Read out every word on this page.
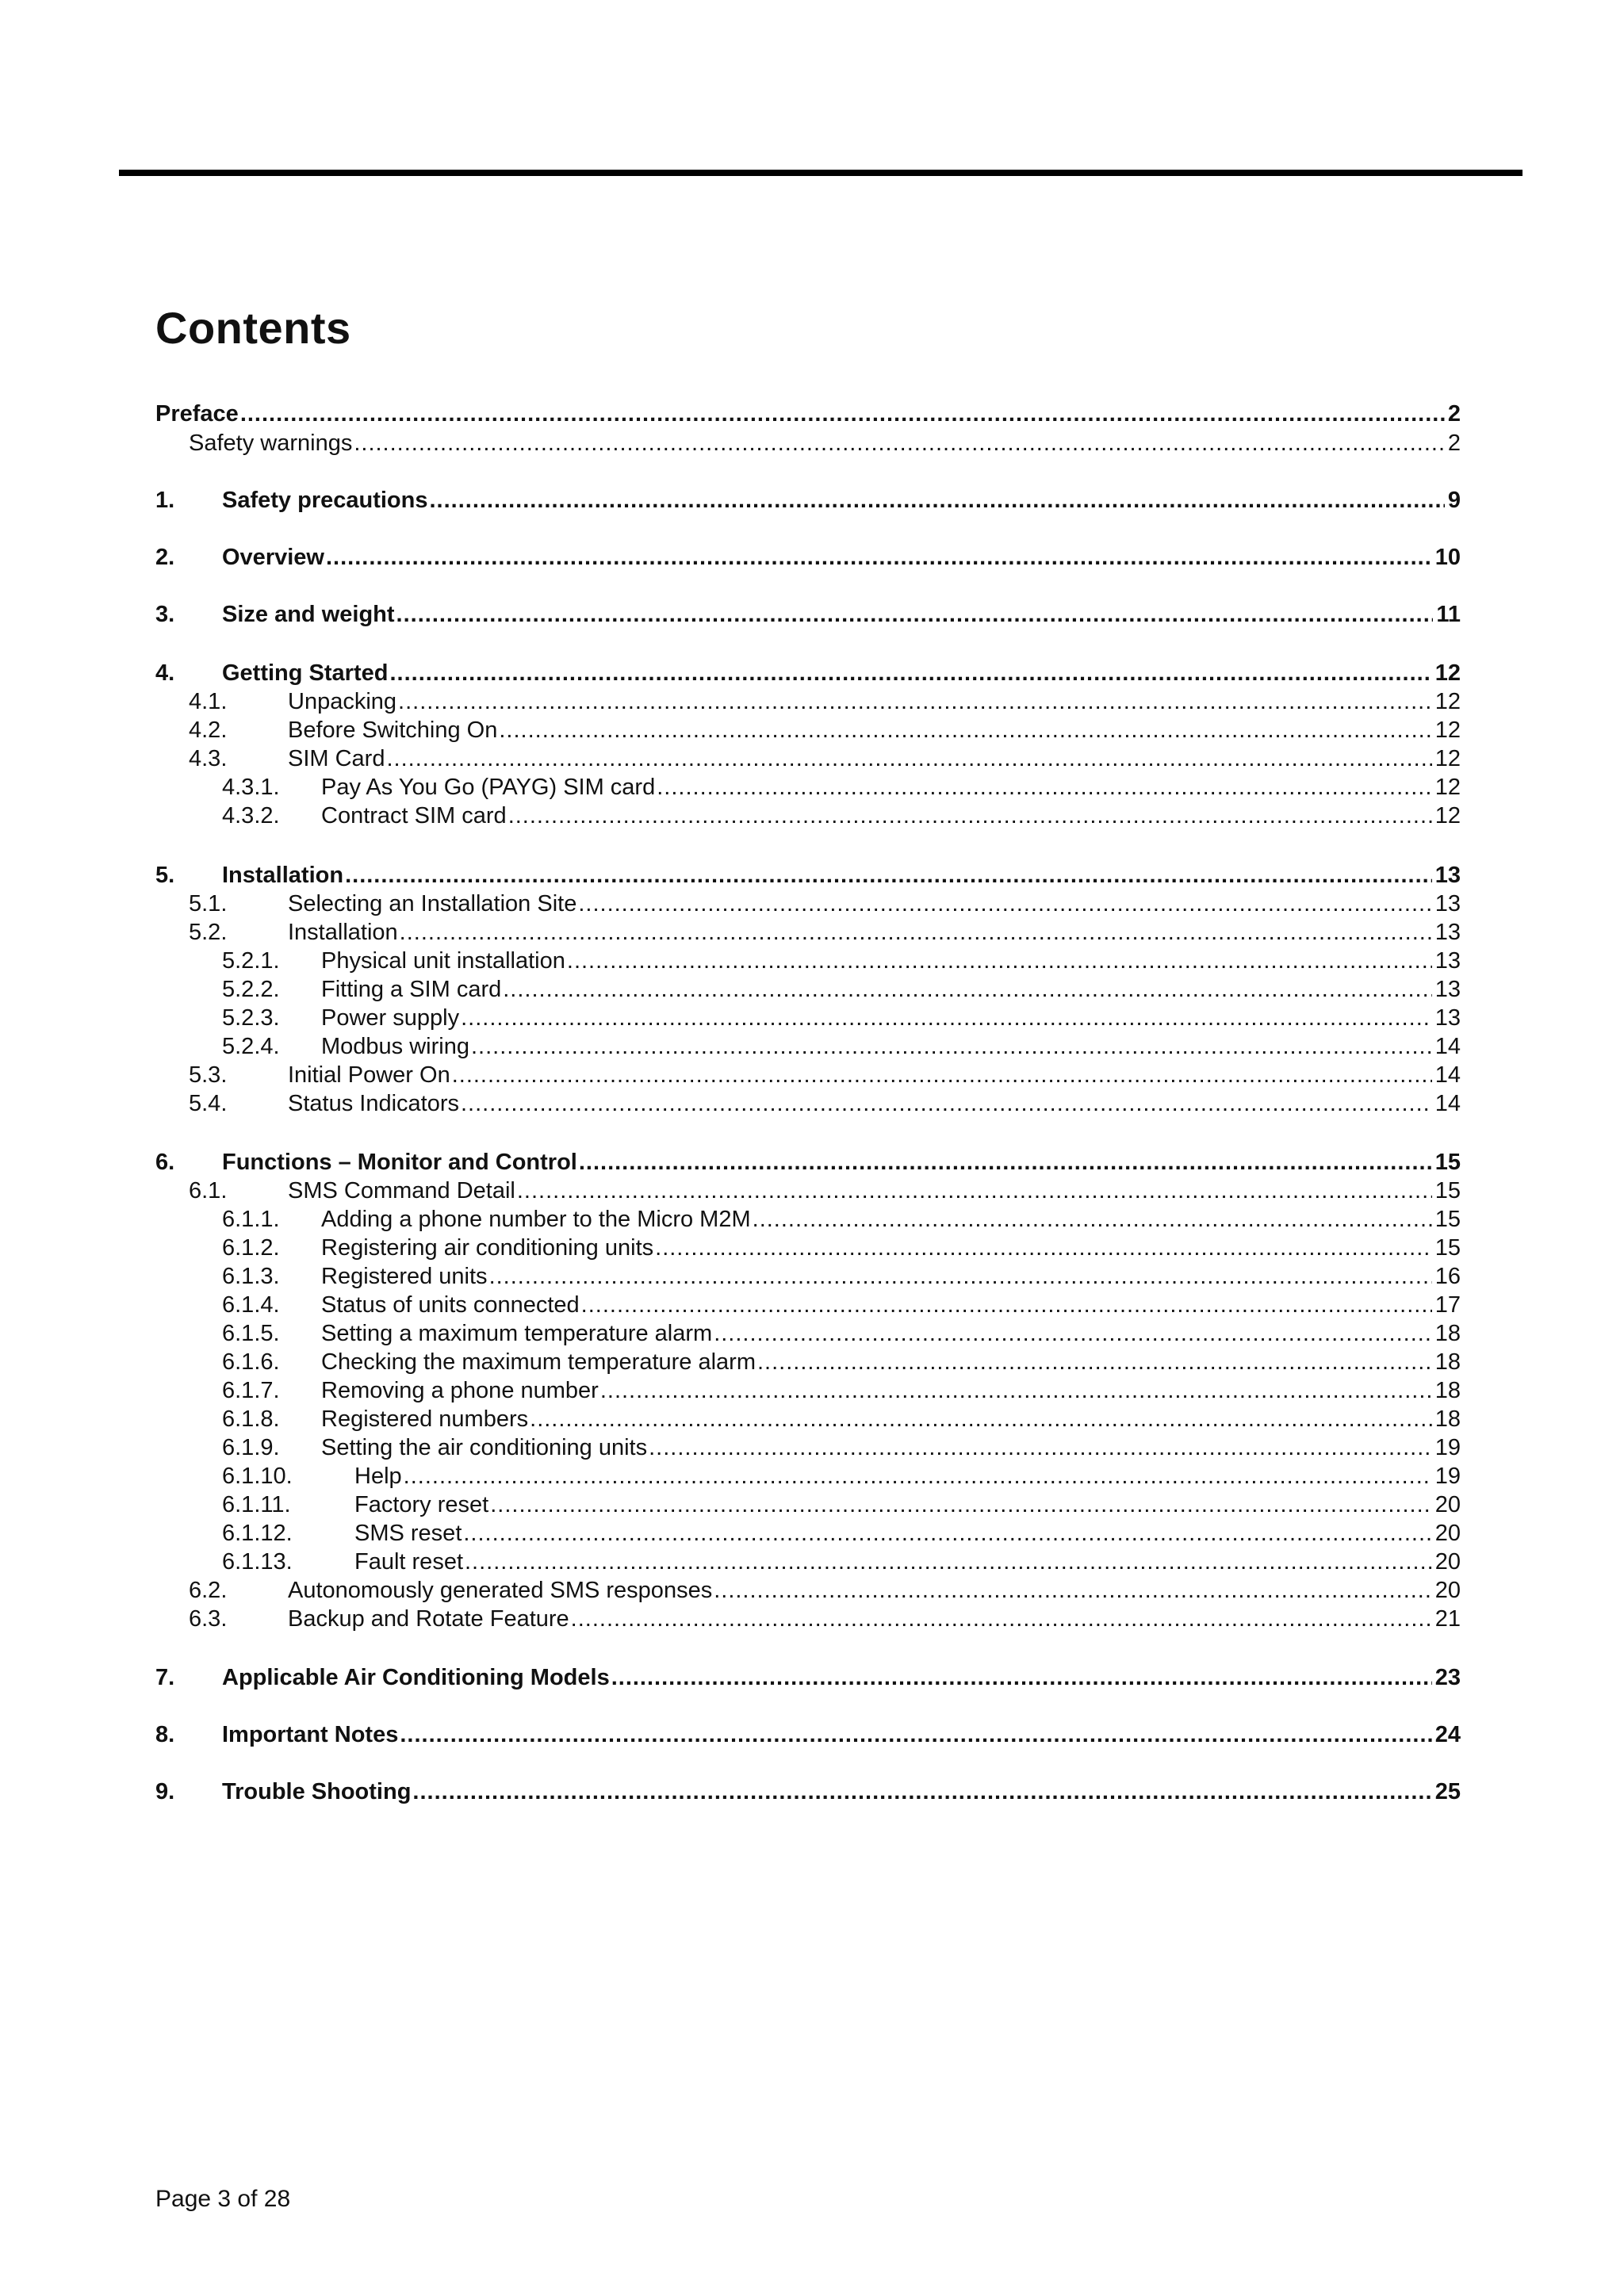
Contents
Preface .....	2
Safety warnings .....	2
1. Safety precautions .....	9
2. Overview .....	10
3. Size and weight .....	11
4. Getting Started .....	12
4.1.	Unpacking .....	12
4.2.	Before Switching On .....	12
4.3.	SIM Card .....	12
4.3.1. Pay As You Go (PAYG) SIM card .....	12
4.3.2. Contract SIM card .....	12
5. Installation .....	13
5.1.	Selecting an Installation Site .....	13
5.2.	Installation .....	13
5.2.1. Physical unit installation .....	13
5.2.2. Fitting a SIM card .....	13
5.2.3. Power supply .....	13
5.2.4. Modbus wiring .....	14
5.3.	Initial Power On .....	14
5.4.	Status Indicators .....	14
6. Functions – Monitor and Control .....	15
6.1.	SMS Command Detail .....	15
6.1.1. Adding a phone number to the Micro M2M .....	15
6.1.2. Registering air conditioning units .....	15
6.1.3. Registered units .....	16
6.1.4. Status of units connected .....	17
6.1.5. Setting a maximum temperature alarm .....	18
6.1.6. Checking the maximum temperature alarm .....	18
6.1.7. Removing a phone number .....	18
6.1.8. Registered numbers .....	18
6.1.9. Setting the air conditioning units .....	19
6.1.10.	Help .....	19
6.1.11.	Factory reset .....	20
6.1.12.	SMS reset .....	20
6.1.13.	Fault reset .....	20
6.2.	Autonomously generated SMS responses .....	20
6.3.	Backup and Rotate Feature .....	21
7. Applicable Air Conditioning Models .....	23
8. Important Notes .....	24
9. Trouble Shooting .....	25
Page 3 of 28
